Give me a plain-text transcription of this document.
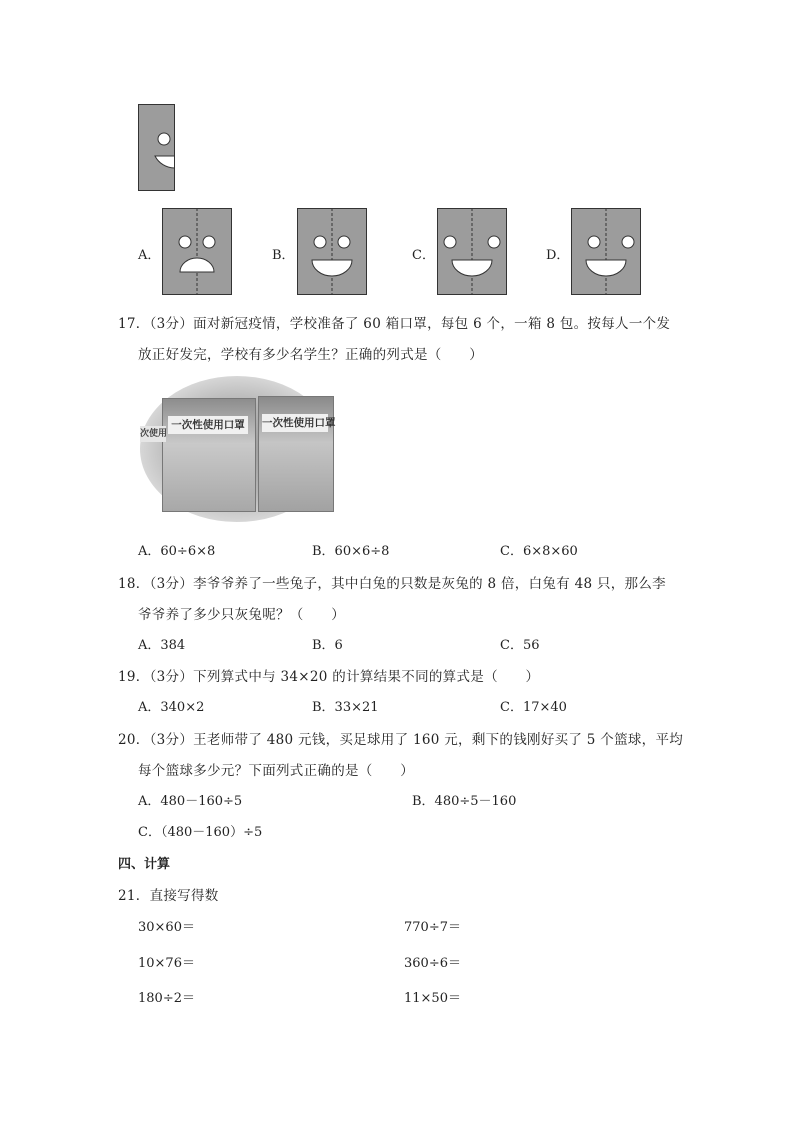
A．	B．	C．	D．
17．（3分）面对新冠疫情，学校准备了 60 箱口罩，每包 6 个，一箱 8 包。按每人一个发
放正好发完，学校有多少名学生？正确的列式是（　　）
一次性使用口罩	一次性使用口罩
次使用
A．60÷6×8	B．60×6÷8	C．6×8×60
18．（3分）李爷爷养了一些兔子，其中白兔的只数是灰兔的 8 倍，白兔有 48 只，那么李
爷爷养了多少只灰兔呢？（　　）
A．384	B．6	C．56
19．（3分）下列算式中与 34×20 的计算结果不同的算式是（　　）
A．340×2	B．33×21	C．17×40
20．（3分）王老师带了 480 元钱，买足球用了 160 元，剩下的钱刚好买了 5 个篮球，平均
每个篮球多少元？下面列式正确的是（　　）
A．480－160÷5	B．480÷5－160
C．（480－160）÷5
四、计算
21．直接写得数
30×60＝	770÷7＝
10×76＝	360÷6＝
180÷2＝	11×50＝
